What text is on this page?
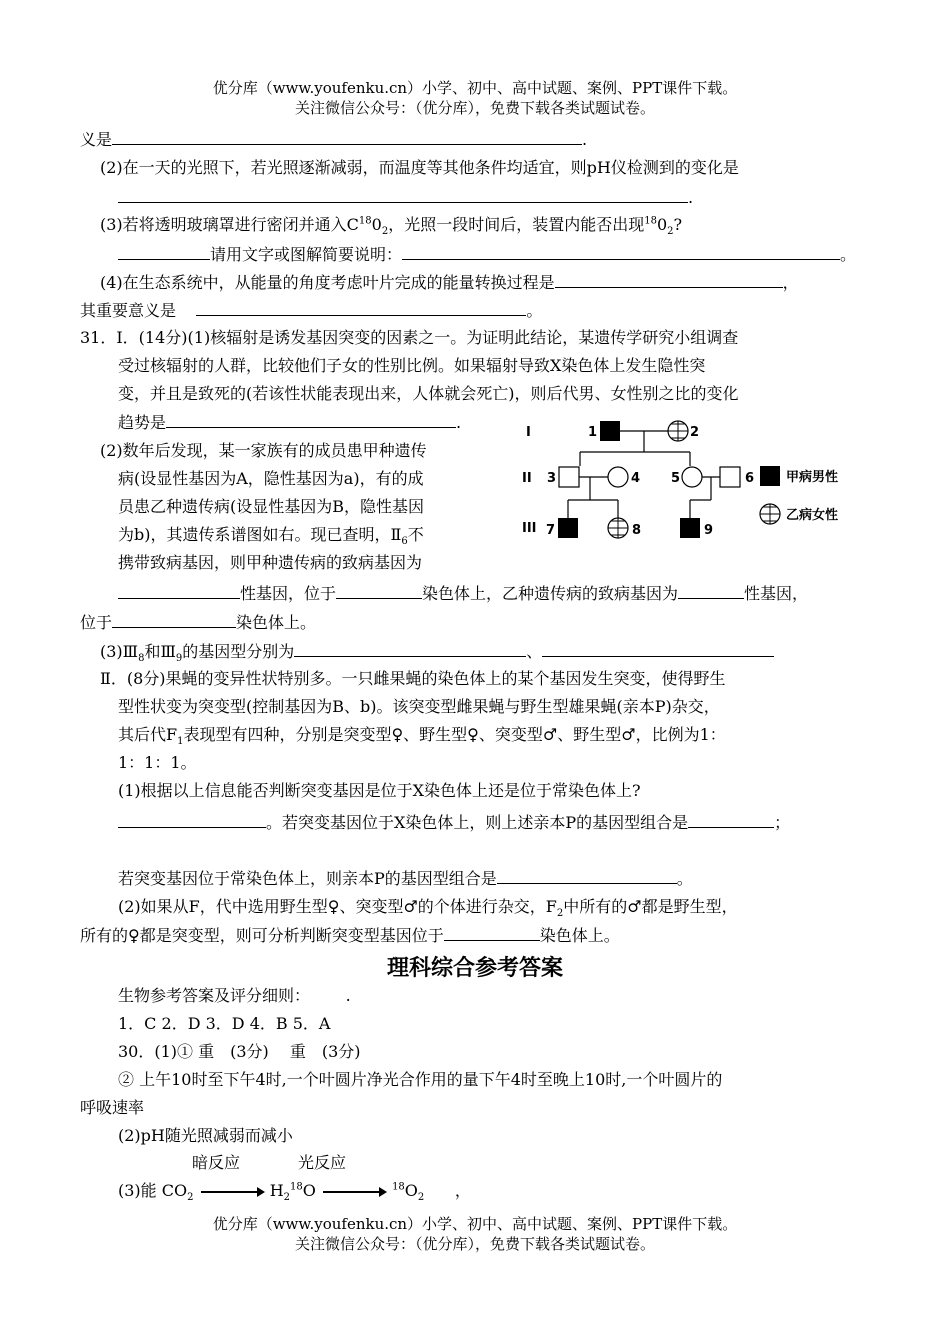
优分库（www.youfenku.cn）小学、初中、高中试题、案例、PPT课件下载。
关注微信公众号：（优分库），免费下载各类试题试卷。
义是	.
(2)在一天的光照下，若光照逐渐减弱，而温度等其他条件均适宜，则pH仪检测到的变化是
.
(3)若将透明玻璃罩进行密闭并通入$C^{18}0_2$，光照一段时间后，装置内能否出现$^{18}0_2$?
请用文字或图解简要说明：	。
(4)在生态系统中，从能量的角度考虑叶片完成的能量转换过程是	，
其重要意义是	。
31．I．(14分)(1)核辐射是诱发基因突变的因素之一。为证明此结论，某遗传学研究小组调查
受过核辐射的人群，比较他们子女的性别比例。如果辐射导致X染色体上发生隐性突
变，并且是致死的(若该性状能表现出来，人体就会死亡)，则后代男、女性别之比的变化
趋势是	.
(2)数年后发现，某一家族有的成员患甲种遗传
病(设显性基因为A，隐性基因为a)，有的成
员患乙种遗传病(设显性基因为B，隐性基因
为b)，其遗传系谱图如右。现已查明，$Ⅱ_6$不
携带致病基因，则甲种遗传病的致病基因为
性基因，位于	染色体上，乙种遗传病的致病基因为	性基因，
位于	染色体上。
$(3)Ⅲ_8$和$Ⅲ_9$的基因型分别为	、
Ⅱ．(8分)果蝇的变异性状特别多。一只雌果蝇的染色体上的某个基因发生突变，使得野生
型性状变为突变型(控制基因为B、b)。该突变型雌果蝇与野生型雄果蝇(亲本P)杂交，
其后代$F_1$表现型有四种，分别是突变型♀、野生型♀、突变型♂、野生型♂，比例为1：
1：1：1。
(1)根据以上信息能否判断突变基因是位于X染色体上还是位于常染色体上?
。若突变基因位于X染色体上，则上述亲本P的基因型组合是	；
若突变基因位于常染色体上，则亲本P的基因型组合是	。
(2)如果从F，代中选用野生型♀、突变型♂的个体进行杂交，$F_2$中所有的♂都是野生型，
所有的♀都是突变型，则可分析判断突变型基因位于	染色体上。
I
II
III
1	2
3	4 5	6
7	8	9
甲病男性
乙病女性
理科综合参考答案
生物参考答案及评分细则： .
1．C 2．D 3．D 4．B 5．A
30．(1)① 重　(3分)　 重　(3分)
② 上午10时至下午4时,一个叶圆片净光合作用的量下午4时至晚上10时,一个叶圆片的
呼吸速率
(2)pH随光照减弱而减小
暗反应	光反应
(3)能 $CO_2 \to H_2^{18}O \to ^{18}O_2$ ，
优分库（www.youfenku.cn）小学、初中、高中试题、案例、PPT课件下载。
关注微信公众号：（优分库），免费下载各类试题试卷。
